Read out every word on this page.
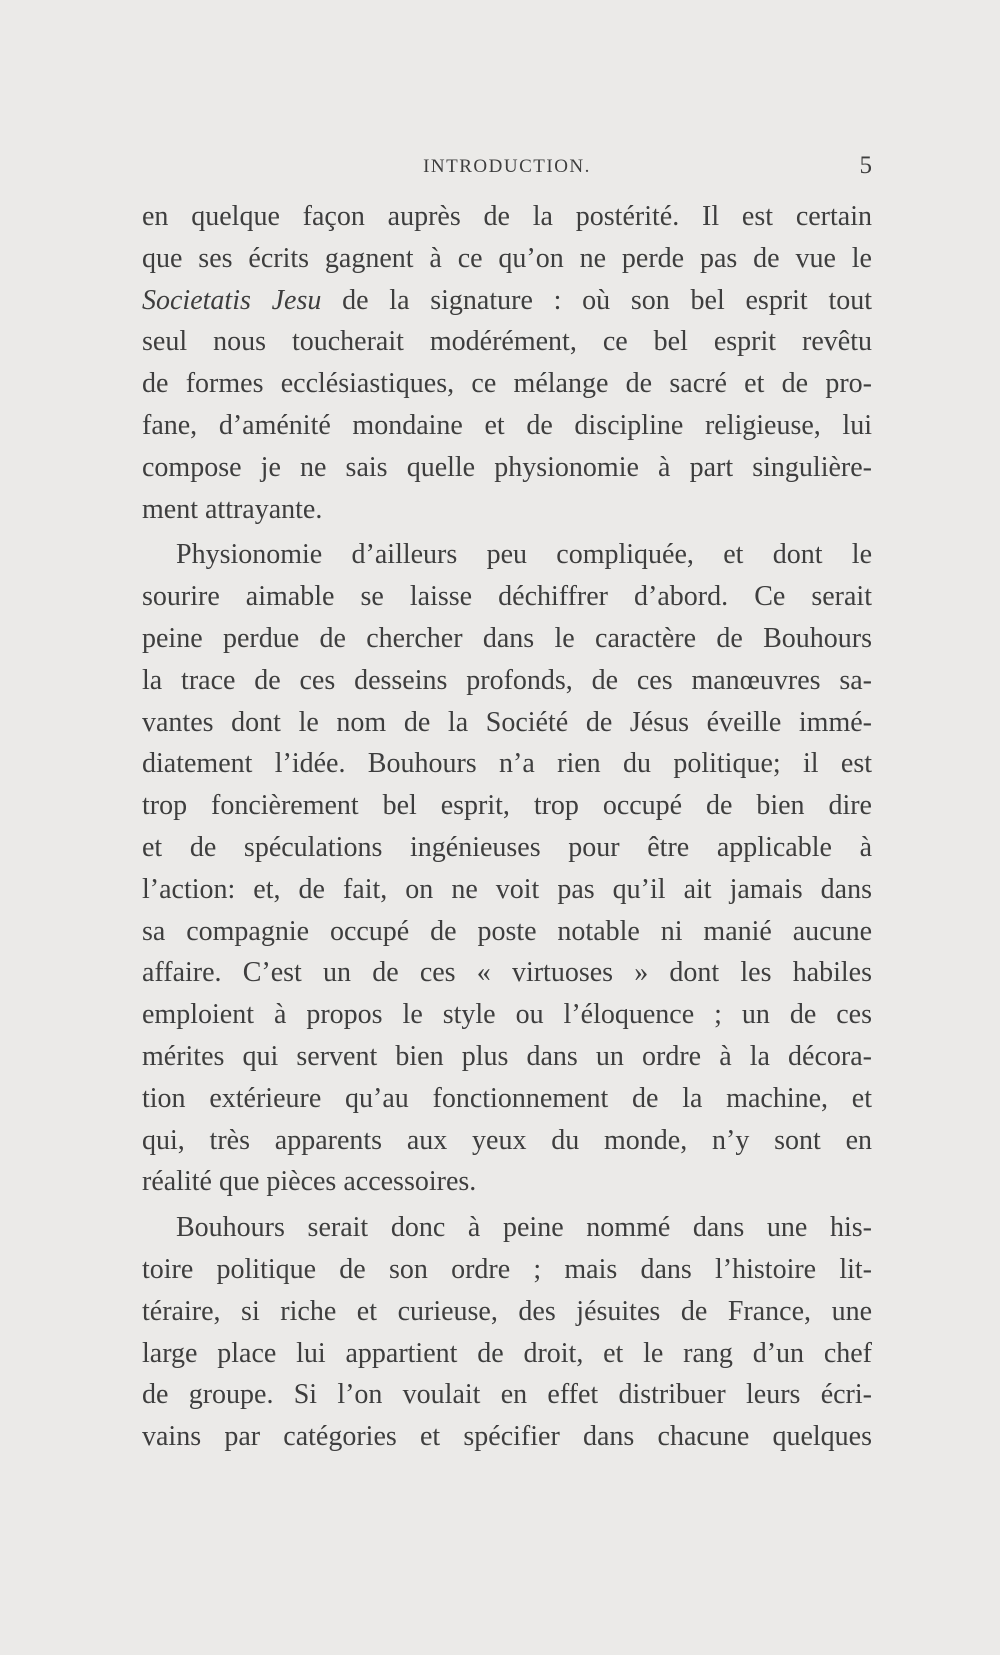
INTRODUCTION.	5
en quelque façon auprès de la postérité. Il est certain
que ses écrits gagnent à ce qu’on ne perde pas de vue le
Societatis Jesu de la signature : où son bel esprit tout
seul nous toucherait modérément, ce bel esprit revêtu
de formes ecclésiastiques, ce mélange de sacré et de pro-
fane, d’aménité mondaine et de discipline religieuse, lui
compose je ne sais quelle physionomie à part singulière-
ment attrayante.
Physionomie d’ailleurs peu compliquée, et dont le
sourire aimable se laisse déchiffrer d’abord. Ce serait
peine perdue de chercher dans le caractère de Bouhours
la trace de ces desseins profonds, de ces manœuvres sa-
vantes dont le nom de la Société de Jésus éveille immé-
diatement l’idée. Bouhours n’a rien du politique; il est
trop foncièrement bel esprit, trop occupé de bien dire
et de spéculations ingénieuses pour être applicable à
l’action: et, de fait, on ne voit pas qu’il ait jamais dans
sa compagnie occupé de poste notable ni manié aucune
affaire. C’est un de ces « virtuoses » dont les habiles
emploient à propos le style ou l’éloquence ; un de ces
mérites qui servent bien plus dans un ordre à la décora-
tion extérieure qu’au fonctionnement de la machine, et
qui, très apparents aux yeux du monde, n’y sont en
réalité que pièces accessoires.
Bouhours serait donc à peine nommé dans une his-
toire politique de son ordre ; mais dans l’histoire lit-
téraire, si riche et curieuse, des jésuites de France, une
large place lui appartient de droit, et le rang d’un chef
de groupe. Si l’on voulait en effet distribuer leurs écri-
vains par catégories et spécifier dans chacune quelques
